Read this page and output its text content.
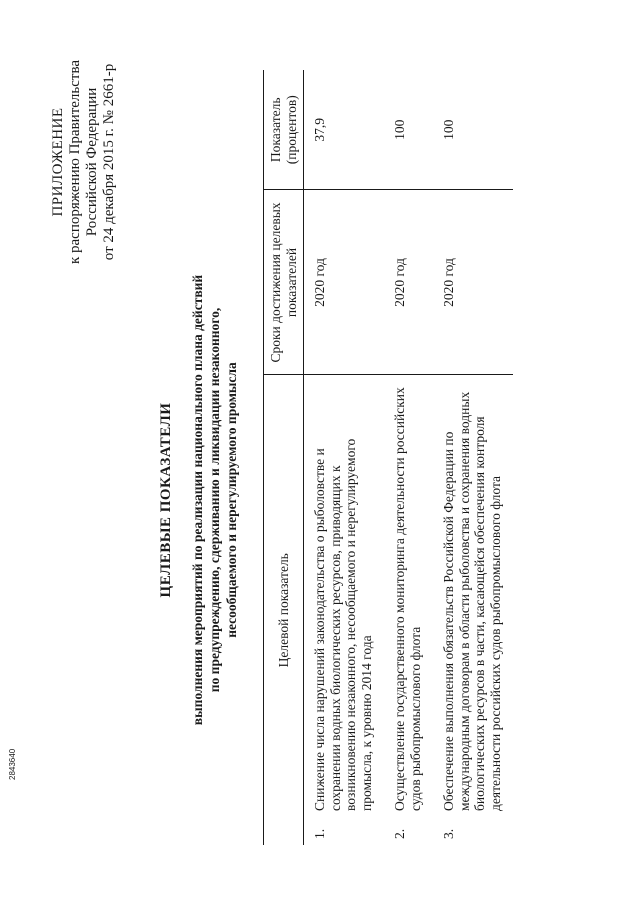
ПРИЛОЖЕНИЕ к распоряжению Правительства Российской Федерации от 24 декабря 2015 г. № 2661-р
ЦЕЛЕВЫЕ ПОКАЗАТЕЛИ выполнения мероприятий по реализации национального плана действий по предупреждению, сдерживанию и ликвидации незаконного, несообщаемого и нерегулируемого промысла	Целевой показатель		Сроки достижения целевых показателей	Показатель (процентов)
1.	Снижение числа нарушений законодательства о рыболовстве и сохранении водных биологических ресурсов, приводящих к возникновению незаконного, несообщаемого и нерегулируемого промысла, к уровню 2014 года	2020 год	37,9
2.	Осуществление государственного мониторинга деятельности российских судов рыбопромыслового флота	2020 год	100
3.	Обеспечение выполнения обязательств Российской Федерации по международным договорам в области рыболовства и сохранения водных биологических ресурсов в части, касающейся обеспечения контроля деятельности российских судов рыбопромыслового флота	2020 год	100
2843640
